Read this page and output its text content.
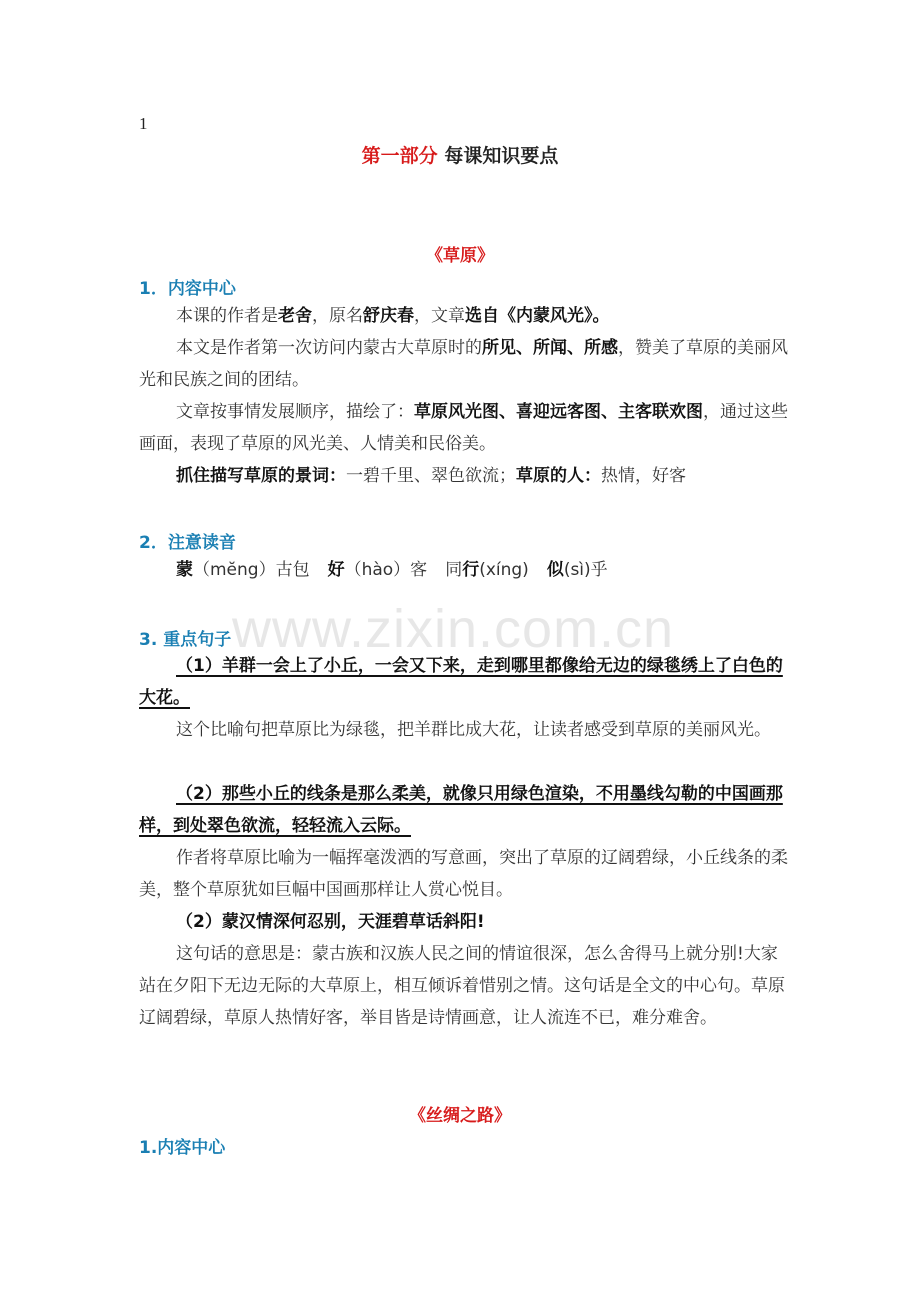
1
第一部分 每课知识要点
《草原》
1．内容中心
本课的作者是老舍，原名舒庆春，文章选自《内蒙风光》。
本文是作者第一次访问内蒙古大草原时的所见、所闻、所感，赞美了草原的美丽风光和民族之间的团结。
文章按事情发展顺序，描绘了：草原风光图、喜迎远客图、主客联欢图，通过这些画面，表现了草原的风光美、人情美和民俗美。
抓住描写草原的景词：一碧千里、翠色欲流；草原的人：热情，好客
2．注意读音
蒙（mĕng）古包 好（hào）客 同行(xíng) 似(sì)乎
3. 重点句子
（1）羊群一会上了小丘，一会又下来，走到哪里都像给无边的绿毯绣上了白色的大花。
这个比喻句把草原比为绿毯，把羊群比成大花，让读者感受到草原的美丽风光。
（2）那些小丘的线条是那么柔美，就像只用绿色渲染，不用墨线勾勒的中国画那样，到处翠色欲流，轻轻流入云际。
作者将草原比喻为一幅挥毫泼洒的写意画，突出了草原的辽阔碧绿，小丘线条的柔美，整个草原犹如巨幅中国画那样让人赏心悦目。
（2）蒙汉情深何忍别，天涯碧草话斜阳!
这句话的意思是：蒙古族和汉族人民之间的情谊很深，怎么舍得马上就分别!大家站在夕阳下无边无际的大草原上，相互倾诉着惜别之情。这句话是全文的中心句。草原辽阔碧绿，草原人热情好客，举目皆是诗情画意，让人流连不已，难分难舍。
《丝绸之路》
1.内容中心
www.zixin.com.cn
